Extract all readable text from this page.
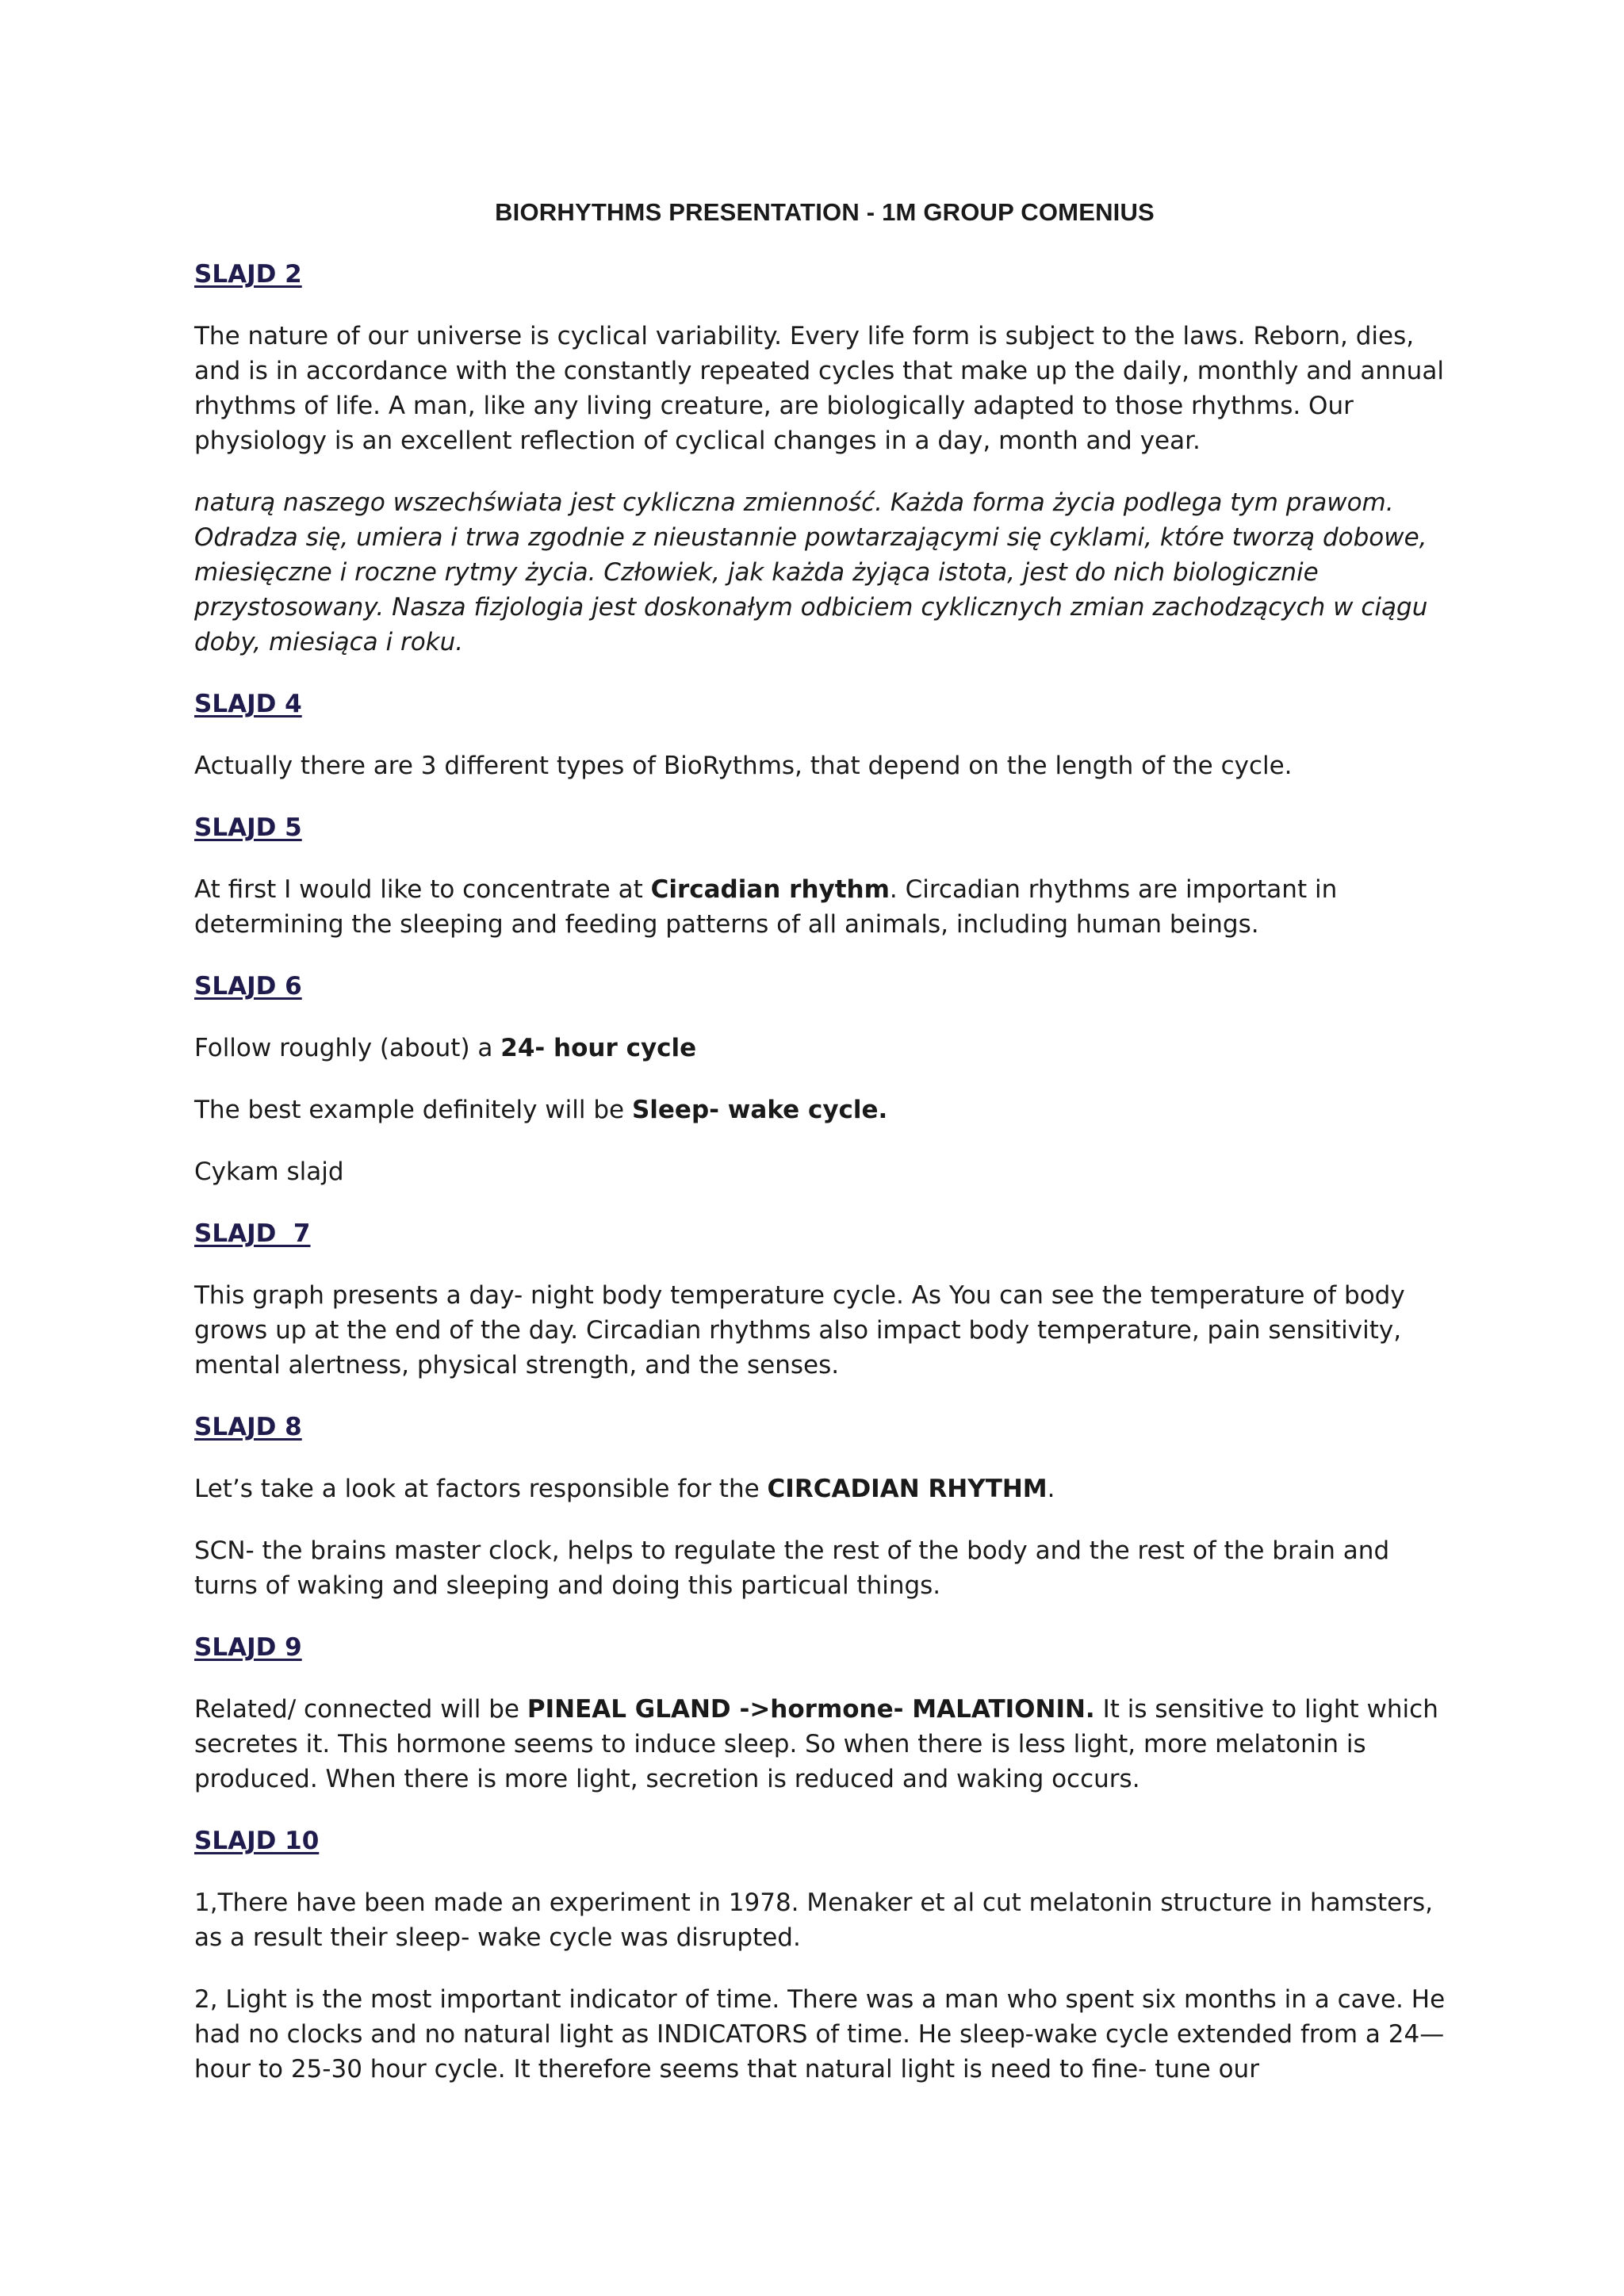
BIORHYTHMS PRESENTATION - 1M GROUP COMENIUS
SLAJD 2

The nature of our universe is cyclical variability. Every life form is subject to the laws. Reborn, dies, and is in accordance with the constantly repeated cycles that make up the daily, monthly and annual rhythms of life. A man, like any living creature, are biologically adapted to those rhythms. Our physiology is an excellent reflection of cyclical changes in a day, month and year.

naturą naszego wszechświata jest cykliczna zmienność. Każda forma życia podlega tym prawom. Odradza się, umiera i trwa zgodnie z nieustannie powtarzającymi się cyklami, które tworzą dobowe, miesięczne i roczne rytmy życia. Człowiek, jak każda żyjąca istota, jest do nich biologicznie przystosowany. Nasza fizjologia jest doskonałym odbiciem cyklicznych zmian zachodzących w ciągu doby, miesiąca i roku.

SLAJD 4

Actually there are 3 different types of BioRythms, that depend on the length of the cycle.

SLAJD 5

At first I would like to concentrate at Circadian rhythm. Circadian rhythms are important in determining the sleeping and feeding patterns of all animals, including human beings.

SLAJD 6

Follow roughly (about) a 24- hour cycle

The best example definitely will be Sleep- wake cycle.

Cykam slajd

SLAJD  7

This graph presents a day- night body temperature cycle. As You can see the temperature of body grows up at the end of the day. Circadian rhythms also impact body temperature, pain sensitivity, mental alertness, physical strength, and the senses.

SLAJD 8

Let’s take a look at factors responsible for the CIRCADIAN RHYTHM.

SCN- the brains master clock, helps to regulate the rest of the body and the rest of the brain and turns of waking and sleeping and doing this particual things.

SLAJD 9

Related/ connected will be PINEAL GLAND ->hormone- MALATIONIN. It is sensitive to light which secretes it. This hormone seems to induce sleep. So when there is less light, more melatonin is produced. When there is more light, secretion is reduced and waking occurs.

SLAJD 10

1,There have been made an experiment in 1978. Menaker et al cut melatonin structure in hamsters, as a result their sleep- wake cycle was disrupted.

2, Light is the most important indicator of time. There was a man who spent six months in a cave. He had no clocks and no natural light as INDICATORS of time. He sleep-wake cycle extended from a 24—hour to 25-30 hour cycle. It therefore seems that natural light is need to fine- tune our
